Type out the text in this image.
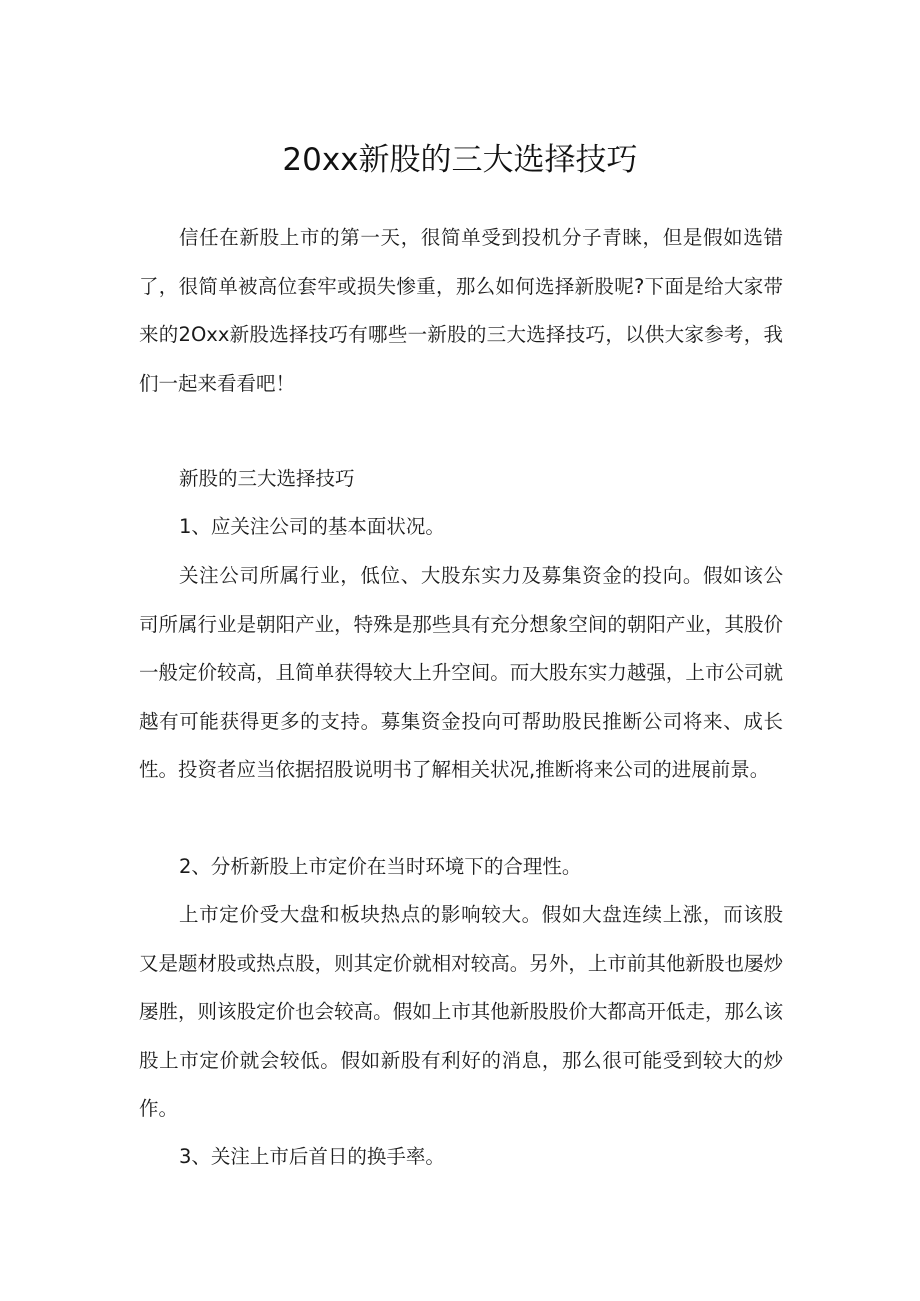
20xx新股的三大选择技巧

信任在新股上市的第一天，很简单受到投机分子青睐，但是假如选错了，很简单被高位套牢或损失惨重，那么如何选择新股呢?下面是给大家带来的2Oxx新股选择技巧有哪些一新股的三大选择技巧，以供大家参考，我们一起来看看吧！

新股的三大选择技巧

1、应关注公司的基本面状况。

关注公司所属行业，低位、大股东实力及募集资金的投向。假如该公司所属行业是朝阳产业，特殊是那些具有充分想象空间的朝阳产业，其股价一般定价较高，且简单获得较大上升空间。而大股东实力越强，上市公司就越有可能获得更多的支持。募集资金投向可帮助股民推断公司将来、成长性。投资者应当依据招股说明书了解相关状况,推断将来公司的进展前景。

2、分析新股上市定价在当时环境下的合理性。

上市定价受大盘和板块热点的影响较大。假如大盘连续上涨，而该股又是题材股或热点股，则其定价就相对较高。另外，上市前其他新股也屡炒屡胜，则该股定价也会较高。假如上市其他新股股价大都高开低走，那么该股上市定价就会较低。假如新股有利好的消息，那么很可能受到较大的炒作。

3、关注上市后首日的换手率。
